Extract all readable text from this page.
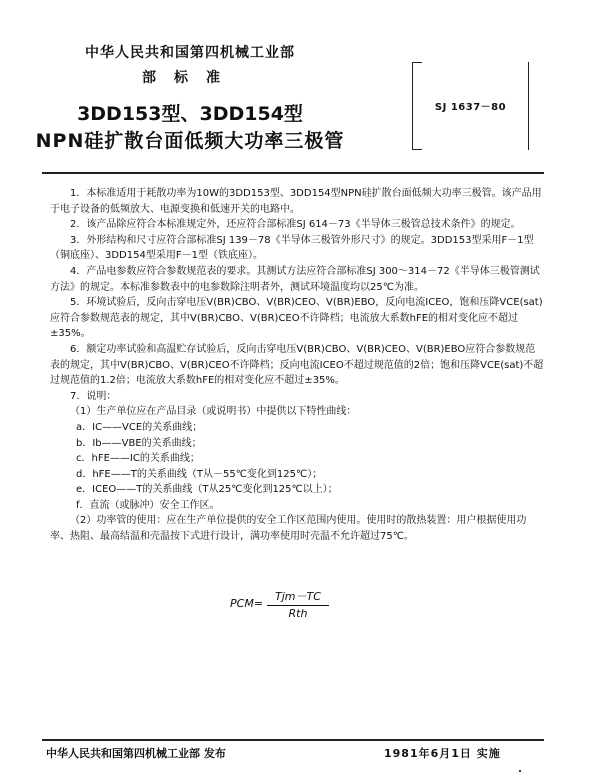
中华人民共和国第四机械工业部
部标准
3DD153型、3DD154型
NPN硅扩散台面低频大功率三极管
SJ 1637－80

1．本标准适用于耗散功率为10W的3DD153型、3DD154型NPN硅扩散台面低频大功率三极管。该产品用于电子设备的低频放大、电源变换和低速开关的电路中。

2．该产品除应符合本标准规定外，还应符合部标准SJ 614－73《半导体三极管总技术条件》的规定。

3．外形结构和尺寸应符合部标准SJ 139－78《半导体三极管外形尺寸》的规定。3DD153型采用F－1型（铜底座）、3DD154型采用F－1型（铁底座）。

4．产品电参数应符合参数规范表的要求。其测试方法应符合部标准SJ 300～314－72《半导体三极管测试方法》的规定。本标准参数表中的电参数除注明者外，测试环境温度均以25℃为准。

5．环境试验后，反向击穿电压V(BR)CBO、V(BR)CEO、V(BR)EBO，反向电流ICEO，饱和压降VCE(sat)应符合参数规范表的规定，其中V(BR)CBO、V(BR)CEO不许降档；电流放大系数hFE的相对变化应不超过±35%。

6．额定功率试验和高温贮存试验后，反向击穿电压V(BR)CBO、V(BR)CEO、V(BR)EBO应符合参数规范表的规定，其中V(BR)CBO、V(BR)CEO不许降档；反向电流ICEO不超过规范值的2倍；饱和压降VCE(sat)不超过规范值的1.2倍；电流放大系数hFE的相对变化应不超过±35%。

7．说明：

（1）生产单位应在产品目录（或说明书）中提供以下特性曲线：

a．IC——VCE的关系曲线；

b．Ib——VBE的关系曲线；

c．hFE——IC的关系曲线；

d．hFE——T的关系曲线（T从－55℃变化到125℃）；

e．ICEO——T的关系曲线（T从25℃变化到125℃以上）；

f．直流（或脉冲）安全工作区。

（2）功率管的使用：应在生产单位提供的安全工作区范围内使用。使用时的散热装置：用户根据使用功率、热阻、最高结温和壳温按下式进行设计，满功率使用时壳温不允许超过75℃。

$PCM= \frac{\text{Tjm－TC}}{\text{Rth}}$
中华人民共和国第四机械工业部 发布	1981年6月1日 实施
